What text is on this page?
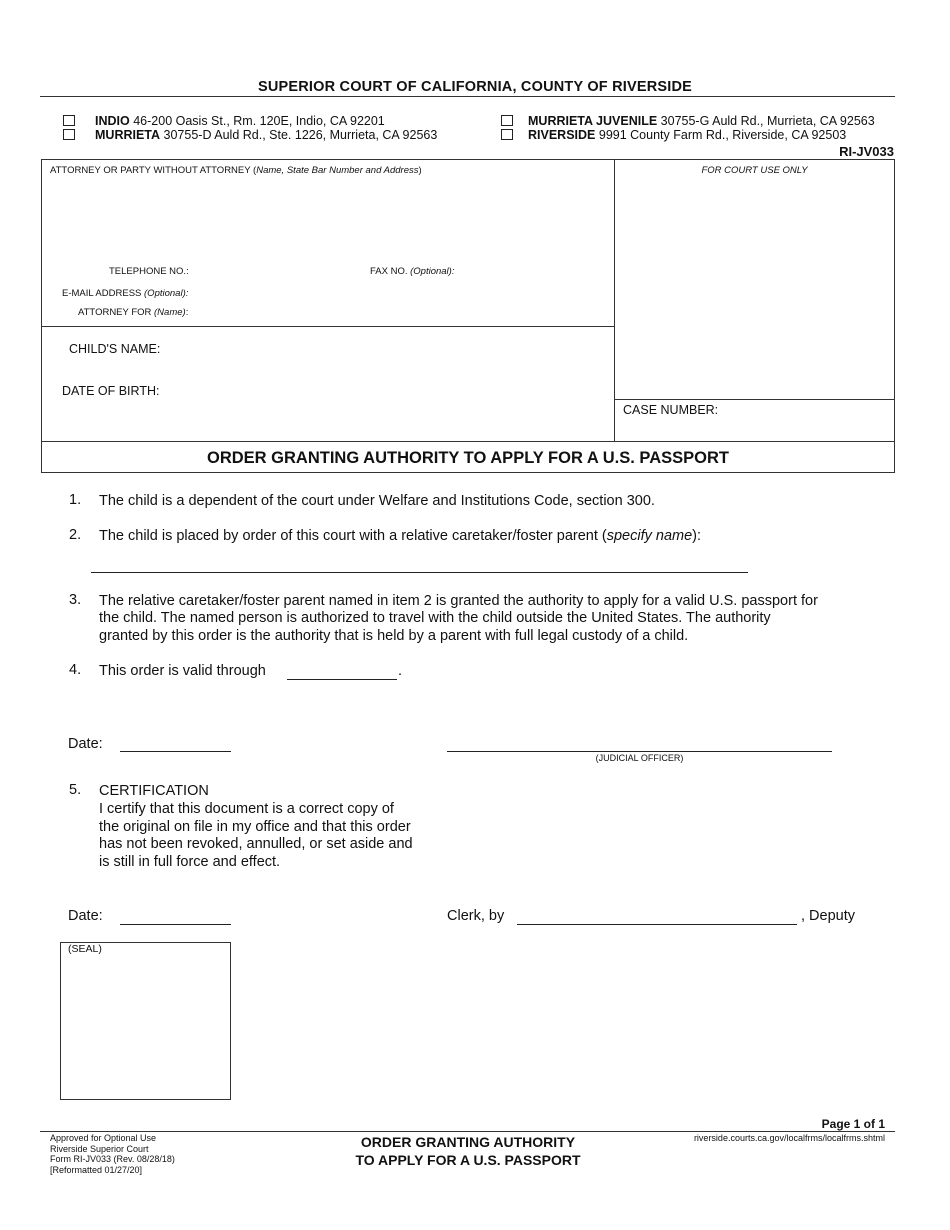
SUPERIOR COURT OF CALIFORNIA, COUNTY OF RIVERSIDE
INDIO 46-200 Oasis St., Rm. 120E, Indio, CA 92201
MURRIETA 30755-D Auld Rd., Ste. 1226, Murrieta, CA 92563
MURRIETA JUVENILE 30755-G Auld Rd., Murrieta, CA 92563
RIVERSIDE 9991 County Farm Rd., Riverside, CA 92503
RI-JV033
ATTORNEY OR PARTY WITHOUT ATTORNEY (Name, State Bar Number and Address)	FOR COURT USE ONLY
TELEPHONE NO.:	FAX NO. (Optional):
E-MAIL ADDRESS (Optional):
ATTORNEY FOR (Name):
CHILD'S NAME:
DATE OF BIRTH:
CASE NUMBER:
ORDER GRANTING AUTHORITY TO APPLY FOR A U.S. PASSPORT
1. The child is a dependent of the court under Welfare and Institutions Code, section 300.
2. The child is placed by order of this court with a relative caretaker/foster parent (specify name):
3. The relative caretaker/foster parent named in item 2 is granted the authority to apply for a valid U.S. passport for
the child. The named person is authorized to travel with the child outside the United States. The authority
granted by this order is the authority that is held by a parent with full legal custody of a child.
4. This order is valid through	.
Date:
(JUDICIAL OFFICER)
5. CERTIFICATION
I certify that this document is a correct copy of
the original on file in my office and that this order
has not been revoked, annulled, or set aside and
is still in full force and effect.
Date:	Clerk, by	, Deputy
(SEAL)
Page 1 of 1
Approved for Optional Use
Riverside Superior Court
Form RI-JV033 (Rev. 08/28/18)
[Reformatted 01/27/20]
ORDER GRANTING AUTHORITY
TO APPLY FOR A U.S. PASSPORT
riverside.courts.ca.gov/localfrms/localfrms.shtml
